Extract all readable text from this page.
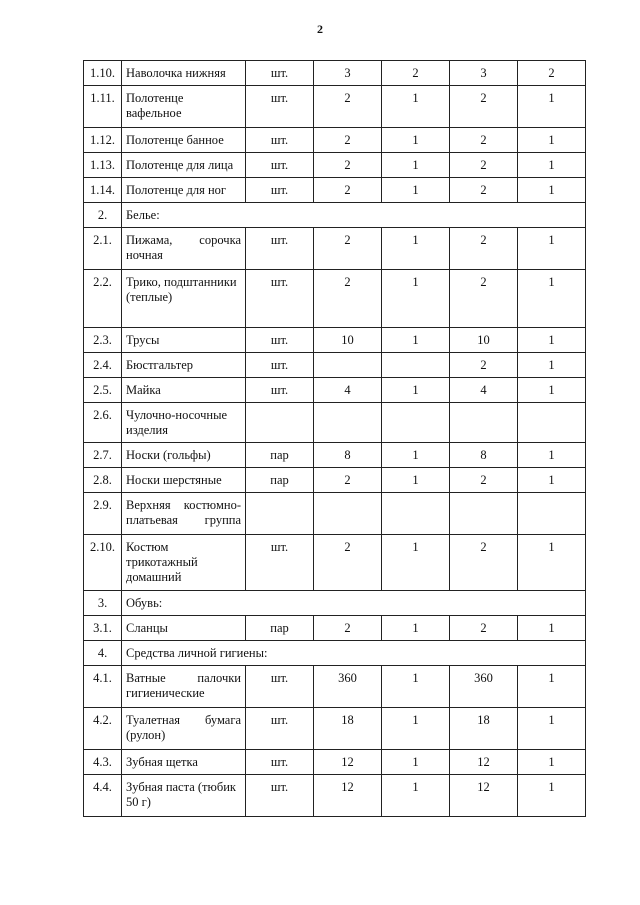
2
1.10.	Наволочка нижняя	шт.	3	2	3	2
1.11.	Полотенце вафельное	шт.	2	1	2	1
1.12.	Полотенце банное	шт.	2	1	2	1
1.13.	Полотенце для лица	шт.	2	1	2	1
1.14.	Полотенце для ног	шт.	2	1	2	1
2.	Белье:					
2.1.	Пижама, сорочка ночная	шт.	2	1	2	1
2.2.	Трико, подштанники (теплые)	шт.	2	1	2	1
2.3.	Трусы	шт.	10	1	10	1
2.4.	Бюстгальтер	шт.			2	1
2.5.	Майка	шт.	4	1	4	1
2.6.	Чулочно-носочные изделия					
2.7.	Носки (гольфы)	пар	8	1	8	1
2.8.	Носки шерстяные	пар	2	1	2	1
2.9.	Верхняя костюмно-платьевая группа					
2.10.	Костюм трикотажный домашний	шт.	2	1	2	1
3.	Обувь:					
3.1.	Сланцы	пар	2	1	2	1
4.	Средства личной гигиены:					
4.1.	Ватные палочки гигиенические	шт.	360	1	360	1
4.2.	Туалетная бумага (рулон)	шт.	18	1	18	1
4.3.	Зубная щетка	шт.	12	1	12	1
4.4.	Зубная паста (тюбик 50 г)	шт.	12	1	12	1
